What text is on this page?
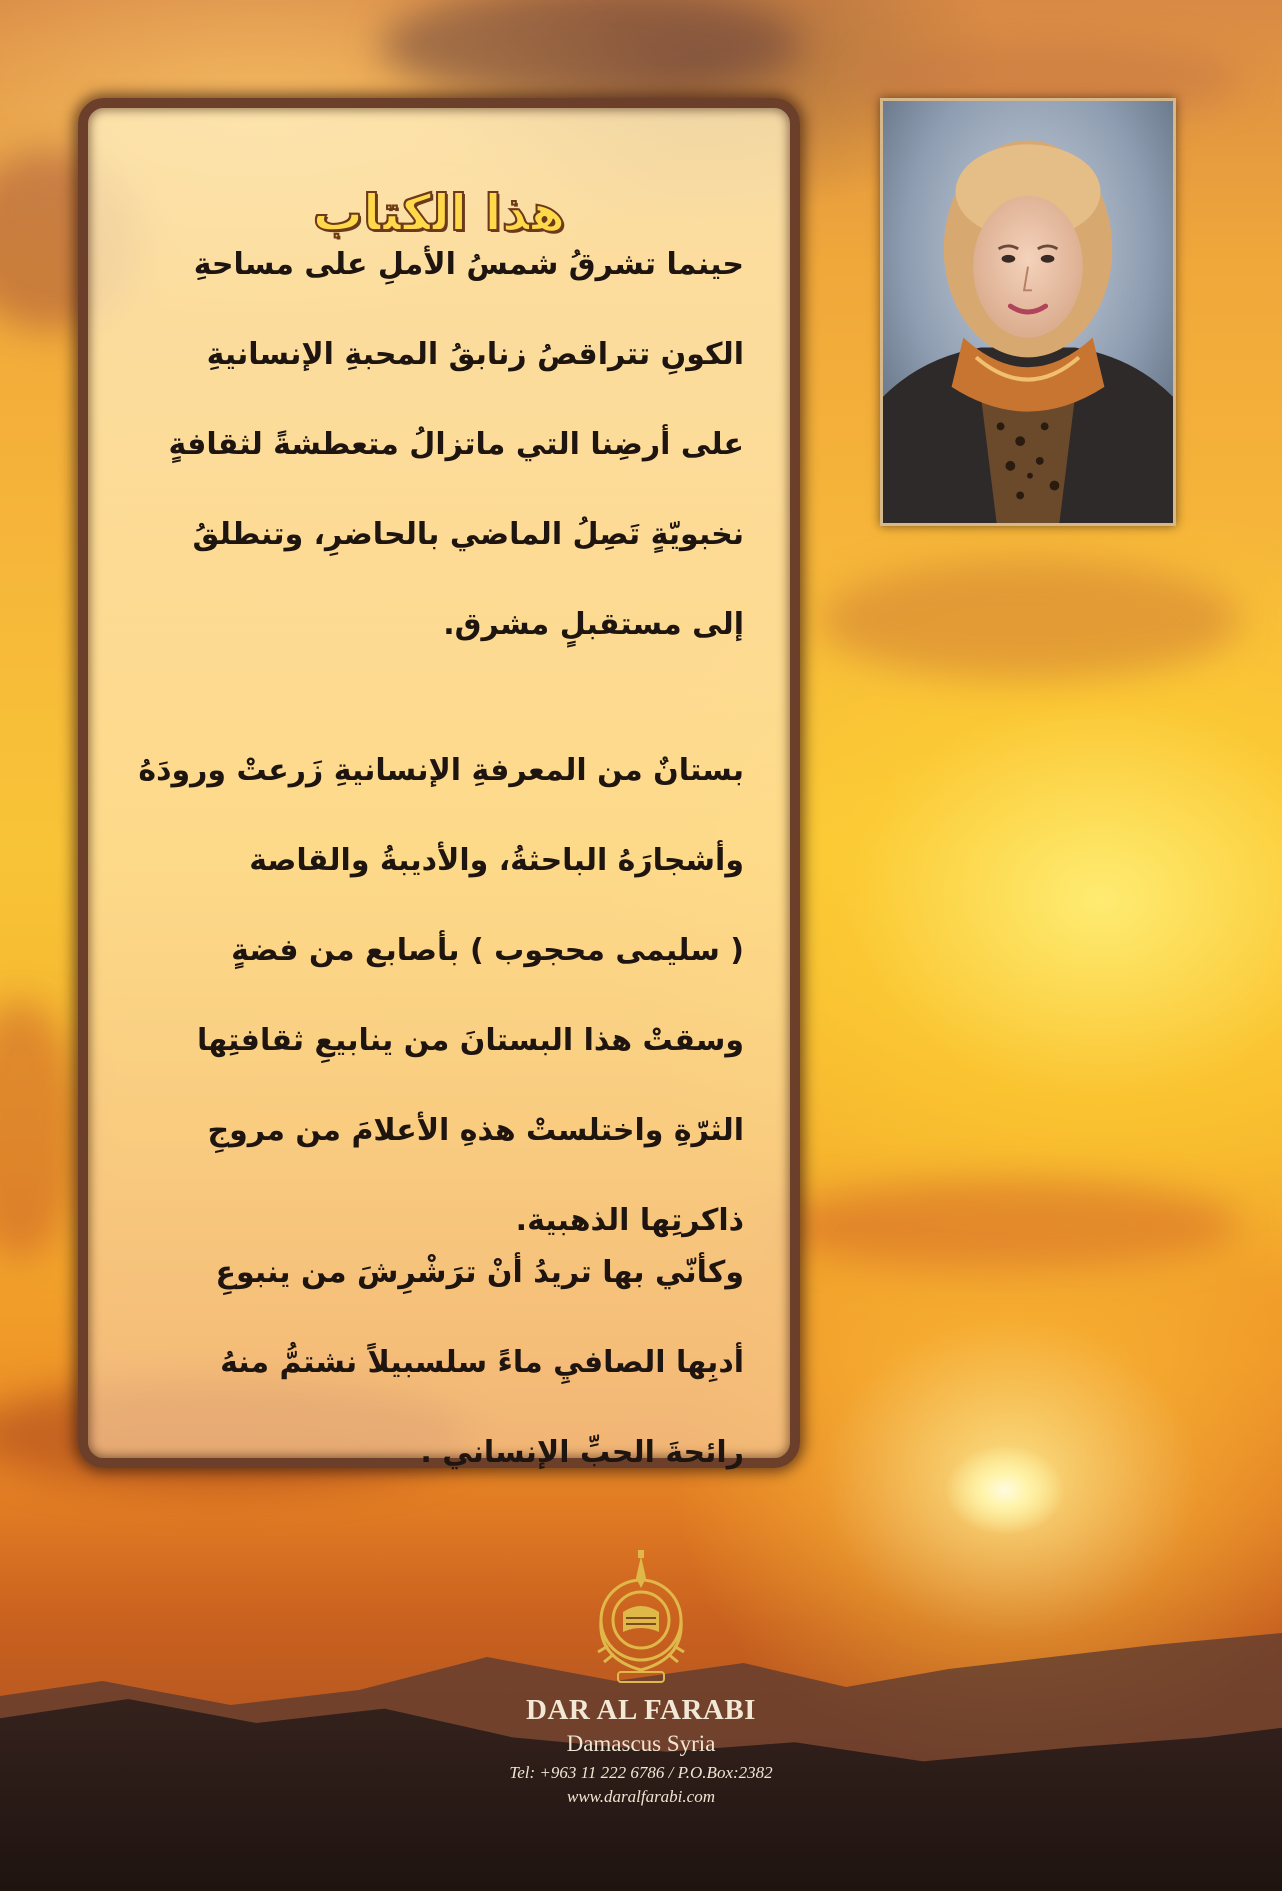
هذا الكتاب
حينما تشرقُ شمسُ الأملِ على مساحةِ
الكونِ تتراقصُ زنابقُ المحبةِ الإنسانيةِ
على أرضِنا التي ماتزالُ متعطشةً لثقافةٍ
نخبويّةٍ تَصِلُ الماضي بالحاضرِ، وتنطلقُ
إلى مستقبلٍ مشرق.
بستانٌ من المعرفةِ الإنسانيةِ زَرعتْ ورودَهُ
وأشجارَهُ الباحثةُ، والأديبةُ والقاصة
( سليمى محجوب ) بأصابع من فضةٍ
وسقتْ هذا البستانَ من ينابيعِ ثقافتِها
الثرّةِ واختلستْ هذهِ الأعلامَ من مروجِ
ذاكرتِها الذهبية.
وكأنّي بها تريدُ أنْ ترَشْرِشَ من ينبوعِ
أدبِها الصافيِ ماءً سلسبيلاً نشتمُّ منهُ
رائحةَ الحبِّ الإنساني .
DAR AL FARABI
Damascus Syria
Tel: +963 11 222 6786 / P.O.Box:2382
www.daralfarabi.com
